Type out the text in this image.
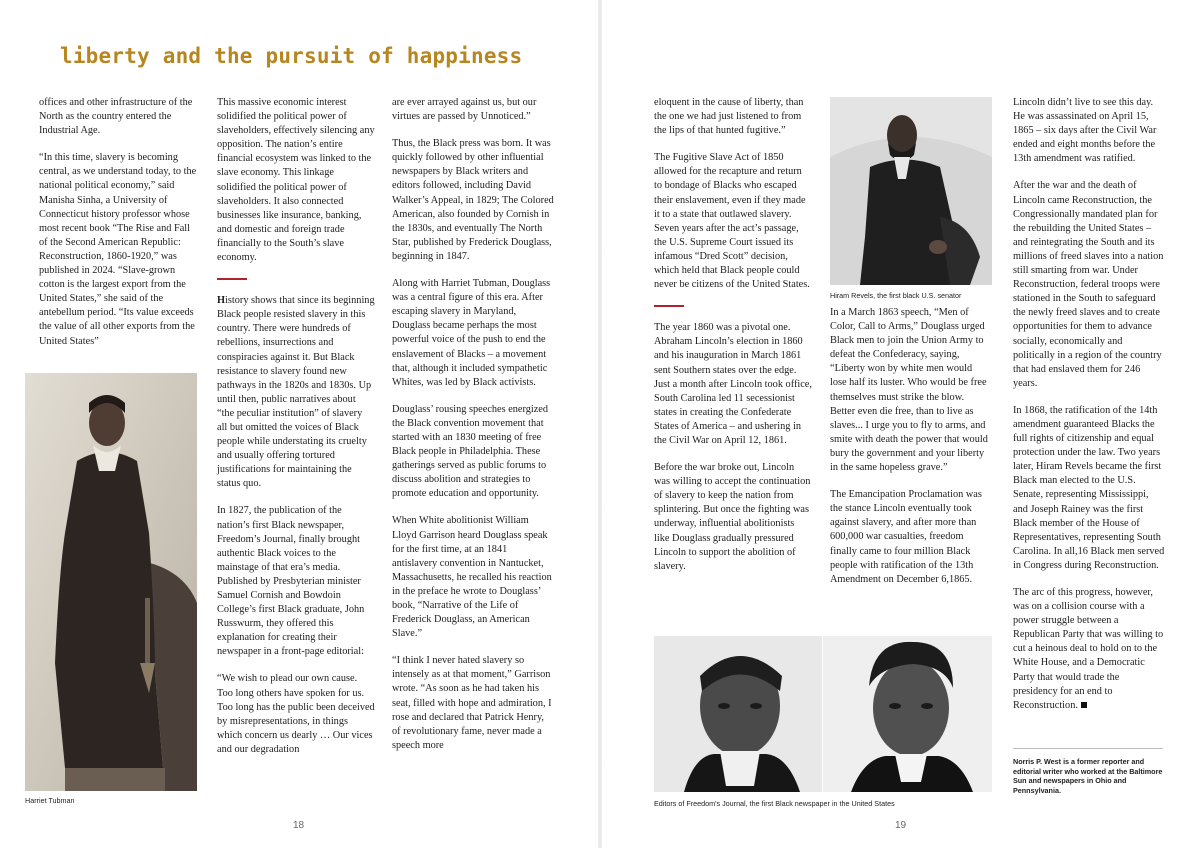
liberty and the pursuit of happiness

offices and other infrastructure of the North as the country entered the Industrial Age.

“In this time, slavery is becoming central, as we understand today, to the national political economy,” said Manisha Sinha, a University of Connecticut history professor whose most recent book “The Rise and Fall of the Second American Republic: Reconstruction, 1860-1920,” was published in 2024. “Slave-grown cotton is the largest export from the United States,” she said of the antebellum period. “Its value exceeds the value of all other exports from the United States”

Harriet Tubman

This massive economic interest solidified the political power of slaveholders, effectively silencing any opposition. The nation’s entire financial ecosystem was linked to the slave economy. This linkage solidified the political power of slaveholders. It also connected businesses like insurance, banking, and domestic and foreign trade financially to the South’s slave economy.

History shows that since its beginning Black people resisted slavery in this country. There were hundreds of rebellions, insurrections and conspiracies against it. But Black resistance to slavery found new pathways in the 1820s and 1830s. Up until then, public narratives about “the peculiar institution” of slavery all but omitted the voices of Black people while understating its cruelty and usually offering tortured justifications for maintaining the status quo.

In 1827, the publication of the nation’s first Black newspaper, Freedom’s Journal, finally brought authentic Black voices to the mainstage of that era’s media. Published by Presbyterian minister Samuel Cornish and Bowdoin College’s first Black graduate, John Russwurm, they offered this explanation for creating their newspaper in a front-page editorial:

“We wish to plead our own cause. Too long others have spoken for us. Too long has the public been deceived by misrepresentations, in things which concern us dearly … Our vices and our degradation

are ever arrayed against us, but our virtues are passed by Unnoticed.”

Thus, the Black press was born. It was quickly followed by other influential newspapers by Black writers and editors followed, including David Walker’s Appeal, in 1829; The Colored American, also founded by Cornish in the 1830s, and eventually The North Star, published by Frederick Douglass, beginning in 1847.

Along with Harriet Tubman, Douglass was a central figure of this era. After escaping slavery in Maryland, Douglass became perhaps the most powerful voice of the push to end the enslavement of Blacks – a movement that, although it included sympathetic Whites, was led by Black activists.

Douglass’ rousing speeches energized the Black convention movement that started with an 1830 meeting of free Black people in Philadelphia. These gatherings served as public forums to discuss abolition and strategies to promote education and opportunity.

When White abolitionist William Lloyd Garrison heard Douglass speak for the first time, at an 1841 antislavery convention in Nantucket, Massachusetts, he recalled his reaction in the preface he wrote to Douglass’ book, “Narrative of the Life of Frederick Douglass, an American Slave.”

“I think I never hated slavery so intensely as at that moment,” Garrison wrote. “As soon as he had taken his seat, filled with hope and admiration, I rose and declared that Patrick Henry, of revolutionary fame, never made a speech more

18

eloquent in the cause of liberty, than the one we had just listened to from the lips of that hunted fugitive.”

The Fugitive Slave Act of 1850 allowed for the recapture and return to bondage of Blacks who escaped their enslavement, even if they made it to a state that outlawed slavery. Seven years after the act’s passage, the U.S. Supreme Court issued its infamous “Dred Scott” decision, which held that Black people could never be citizens of the United States.

The year 1860 was a pivotal one. Abraham Lincoln’s election in 1860 and his inauguration in March 1861 sent Southern states over the edge. Just a month after Lincoln took office, South Carolina led 11 secessionist states in creating the Confederate States of America – and ushering in the Civil War on April 12, 1861.

Before the war broke out, Lincoln was willing to accept the continuation of slavery to keep the nation from splintering. But once the fighting was underway, influential abolitionists like Douglass gradually pressured Lincoln to support the abolition of slavery.

Hiram Revels, the first black U.S. senator

In a March 1863 speech, “Men of Color, Call to Arms,” Douglass urged Black men to join the Union Army to defeat the Confederacy, saying, “Liberty won by white men would lose half its luster. Who would be free themselves must strike the blow. Better even die free, than to live as slaves... I urge you to fly to arms, and smite with death the power that would bury the government and your liberty in the same hopeless grave.”

The Emancipation Proclamation was the stance Lincoln eventually took against slavery, and after more than 600,000 war casualties, freedom finally came to four million Black people with ratification of the 13th Amendment on December 6,1865.

Lincoln didn’t live to see this day. He was assassinated on April 15, 1865 – six days after the Civil War ended and eight months before the 13th amendment was ratified.

After the war and the death of Lincoln came Reconstruction, the Congressionally mandated plan for the rebuilding the United States – and reintegrating the South and its millions of freed slaves into a nation still smarting from war. Under Reconstruction, federal troops were stationed in the South to safeguard the newly freed slaves and to create opportunities for them to advance socially, economically and politically in a region of the country that had enslaved them for 246 years.

In 1868, the ratification of the 14th amendment guaranteed Blacks the full rights of citizenship and equal protection under the law. Two years later, Hiram Revels became the first Black man elected to the U.S. Senate, representing Mississippi, and Joseph Rainey was the first Black member of the House of Representatives, representing South Carolina. In all,16 Black men served in Congress during Reconstruction.

The arc of this progress, however, was on a collision course with a power struggle between a Republican Party that was willing to cut a heinous deal to hold on to the White House, and a Democratic Party that would trade the presidency for an end to Reconstruction.

Editors of Freedom's Journal, the first Black newspaper in the United States
Norris P. West is a former reporter and editorial writer who worked at the Baltimore Sun and newspapers in Ohio and Pennsylvania.
19
